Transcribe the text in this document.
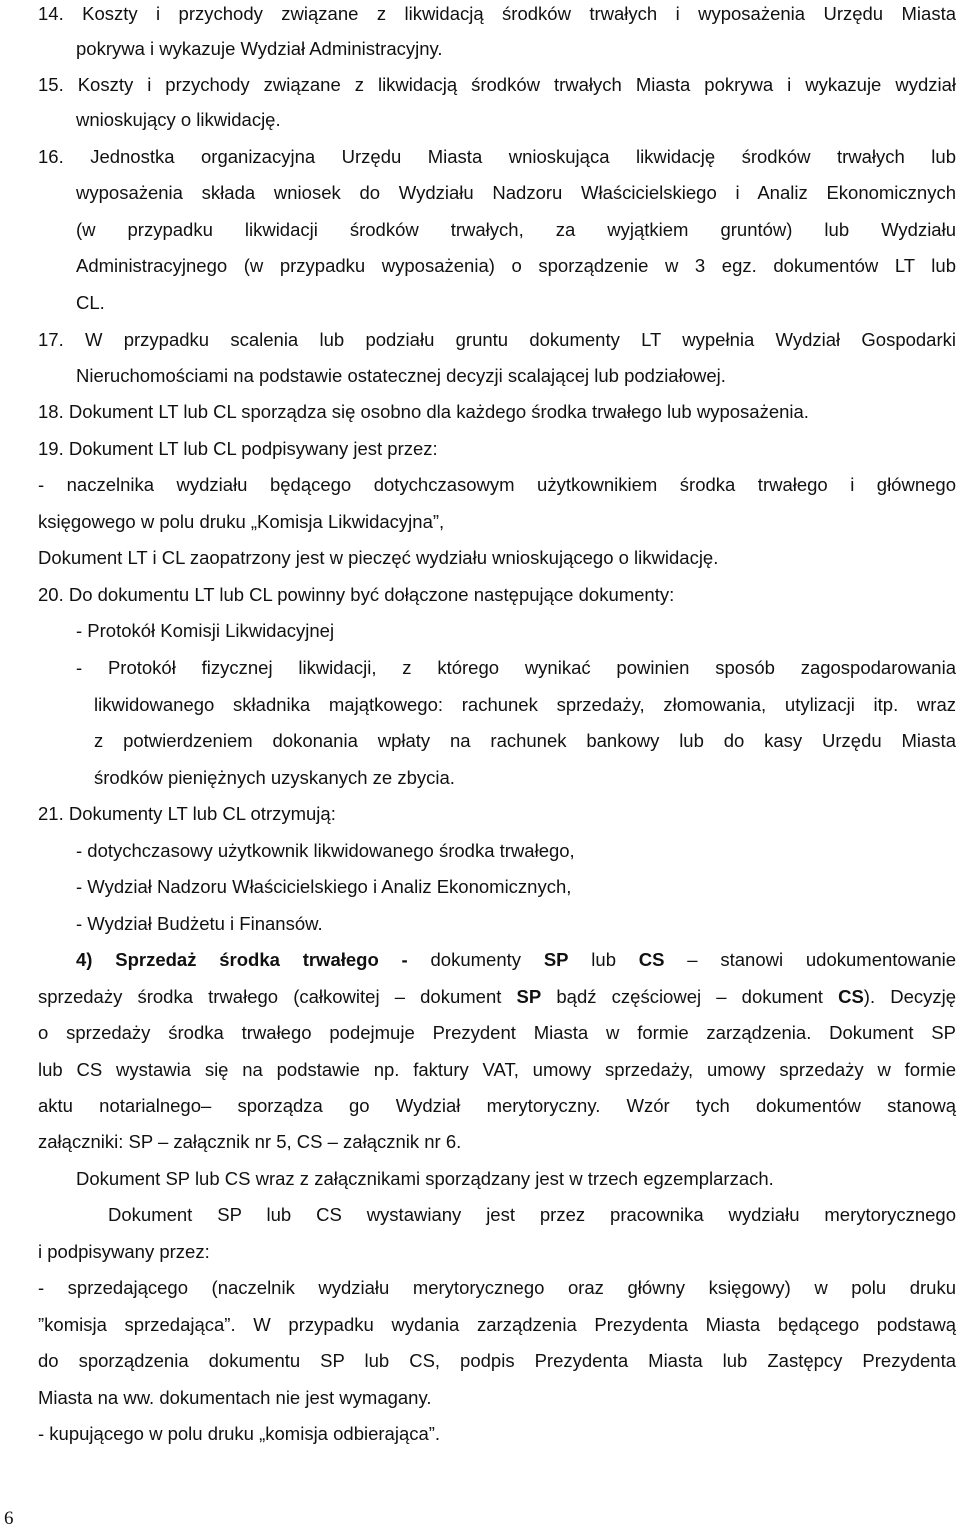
14. Koszty i przychody związane z likwidacją środków trwałych i wyposażenia Urzędu Miasta
pokrywa i wykazuje Wydział Administracyjny.
15. Koszty i przychody związane z likwidacją środków trwałych Miasta pokrywa i wykazuje wydział
wnioskujący o likwidację.
16. Jednostka organizacyjna Urzędu Miasta wnioskująca likwidację środków trwałych lub
wyposażenia składa wniosek do Wydziału Nadzoru Właścicielskiego i Analiz Ekonomicznych
(w przypadku likwidacji środków trwałych, za wyjątkiem gruntów) lub Wydziału
Administracyjnego (w przypadku wyposażenia) o sporządzenie w 3 egz. dokumentów LT lub
CL.
17. W przypadku scalenia lub podziału gruntu dokumenty LT wypełnia Wydział Gospodarki
Nieruchomościami na podstawie ostatecznej decyzji scalającej lub podziałowej.
18. Dokument LT lub CL sporządza się osobno dla każdego środka trwałego lub wyposażenia.
19. Dokument LT lub CL podpisywany jest przez:
- naczelnika wydziału będącego dotychczasowym użytkownikiem środka trwałego i głównego
księgowego w polu druku „Komisja Likwidacyjna”,
Dokument LT i CL zaopatrzony jest w pieczęć wydziału wnioskującego o likwidację.
20. Do dokumentu LT lub CL powinny być dołączone następujące dokumenty:
- Protokół Komisji Likwidacyjnej
- Protokół fizycznej likwidacji, z którego wynikać powinien sposób zagospodarowania
likwidowanego składnika majątkowego: rachunek sprzedaży, złomowania, utylizacji itp. wraz
z potwierdzeniem dokonania wpłaty na rachunek bankowy lub do kasy Urzędu Miasta
środków pieniężnych uzyskanych ze zbycia.
21. Dokumenty LT lub CL otrzymują:
- dotychczasowy użytkownik likwidowanego środka trwałego,
- Wydział Nadzoru Właścicielskiego i Analiz Ekonomicznych,
- Wydział Budżetu i Finansów.
4) Sprzedaż środka trwałego - dokumenty SP lub CS – stanowi udokumentowanie
sprzedaży środka trwałego (całkowitej – dokument SP bądź częściowej – dokument CS). Decyzję
o sprzedaży środka trwałego podejmuje Prezydent Miasta w formie zarządzenia. Dokument SP
lub CS wystawia się na podstawie np. faktury VAT, umowy sprzedaży, umowy sprzedaży w formie
aktu notarialnego– sporządza go Wydział merytoryczny. Wzór tych dokumentów stanową
załączniki: SP – załącznik nr 5, CS – załącznik nr 6.
Dokument SP lub CS wraz z załącznikami sporządzany jest w trzech egzemplarzach.
Dokument SP lub CS wystawiany jest przez pracownika wydziału merytorycznego
i podpisywany przez:
- sprzedającego (naczelnik wydziału merytorycznego oraz główny księgowy) w polu druku
”komisja sprzedająca”. W przypadku wydania zarządzenia Prezydenta Miasta będącego podstawą
do sporządzenia dokumentu SP lub CS, podpis Prezydenta Miasta lub Zastępcy Prezydenta
Miasta na ww. dokumentach nie jest wymagany.
- kupującego w polu druku „komisja odbierająca”.
6
